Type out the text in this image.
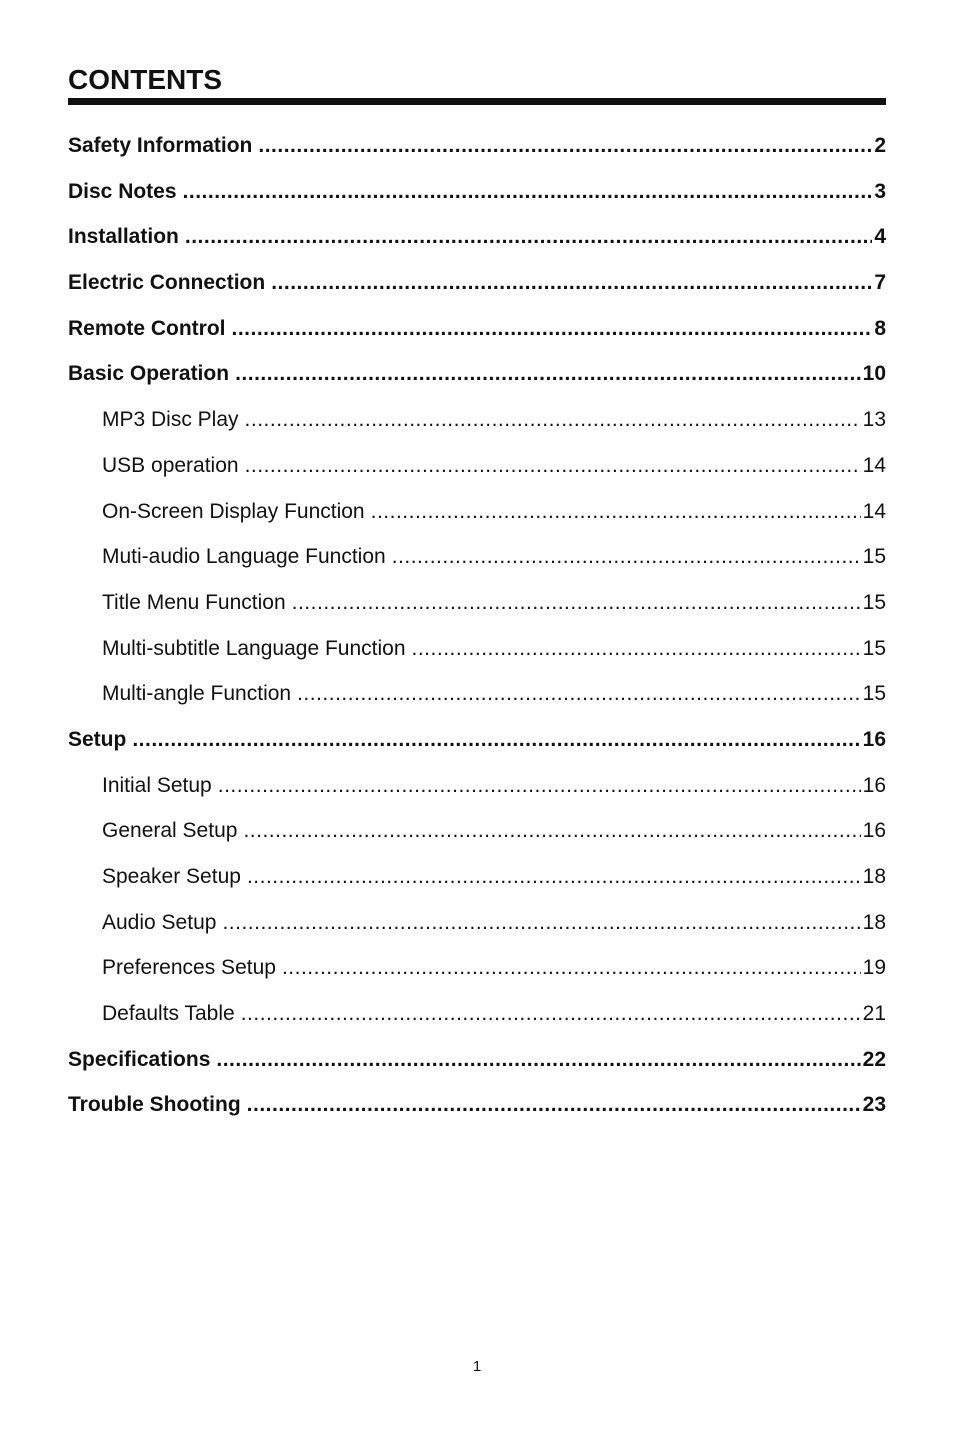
CONTENTS
Safety Information .....	2
Disc Notes .....	3
Installation .....	4
Electric Connection .....	7
Remote Control .....	8
Basic Operation .....	10
MP3 Disc Play .....	13
USB operation .....	14
On-Screen Display Function .....	14
Muti-audio Language Function .....	15
Title Menu Function .....	15
Multi-subtitle Language Function .....	15
Multi-angle Function .....	15
Setup .....	16
Initial Setup .....	16
General Setup .....	16
Speaker Setup .....	18
Audio Setup .....	18
Preferences Setup .....	19
Defaults Table .....	21
Specifications .....	22
Trouble Shooting .....	23
1
